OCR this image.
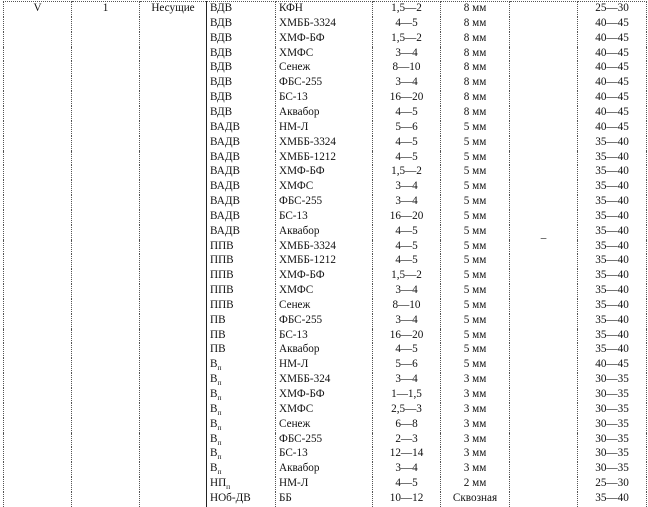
V	1	Несущие	ВДВ	КФН	1,5—2	8 мм	–	25—30
			ВДВ	ХМББ-3324	4—5	8 мм		40—45
			ВДВ	ХМФ-БФ	1,5—2	8 мм		40—45
			ВДВ	ХМФС	3—4	8 мм		40—45
			ВДВ	Сенеж	8—10	8 мм		40—45
			ВДВ	ФБС-255	3—4	8 мм		40—45
			ВДВ	БС-13	16—20	8 мм		40—45
			ВДВ	Аквабор	4—5	8 мм		40—45
			ВАДВ	НМ-Л	5—6	5 мм		40—45
			ВАДВ	ХМББ-3324	4—5	5 мм		35—40
			ВАДВ	ХМББ-1212	4—5	5 мм		35—40
			ВАДВ	ХМФ-БФ	1,5—2	5 мм		35—40
			ВАДВ	ХМФС	3—4	5 мм		35—40
			ВАДВ	ФБС-255	3—4	5 мм		35—40
			ВАДВ	БС-13	16—20	5 мм		35—40
			ВАДВ	Аквабор	4—5	5 мм		35—40
			ППВ	ХМББ-3324	4—5	5 мм		35—40
			ППВ	ХМББ-1212	4—5	5 мм		35—40
			ППВ	ХМФ-БФ	1,5—2	5 мм		35—40
			ППВ	ХМФС	3—4	5 мм		35—40
			ППВ	Сенеж	8—10	5 мм		35—40
			ПВ	ФБС-255	3—4	5 мм		35—40
			ПВ	БС-13	16—20	5 мм		35—40
			ПВ	Аквабор	4—5	5 мм		35—40
			$В_п$	НМ-Л	5—6	5 мм		40—45
			$В_п$	ХМББ-324	3—4	3 мм		30—35
			$В_п$	ХМФ-БФ	1—1,5	3 мм		30—35
			$В_п$	ХМФС	2,5—3	3 мм		30—35
			$В_п$	Сенеж	6—8	3 мм		30—35
			$В_п$	ФБС-255	2—3	3 мм		30—35
			$В_п$	БС-13	12—14	3 мм		30—35
			$В_п$	Аквабор	3—4	3 мм		30—35
			$НП_п$	НМ-Л	4—5	2 мм		25—30
			НОб-ДВ	ББ	10—12	Сквозная		35—40
